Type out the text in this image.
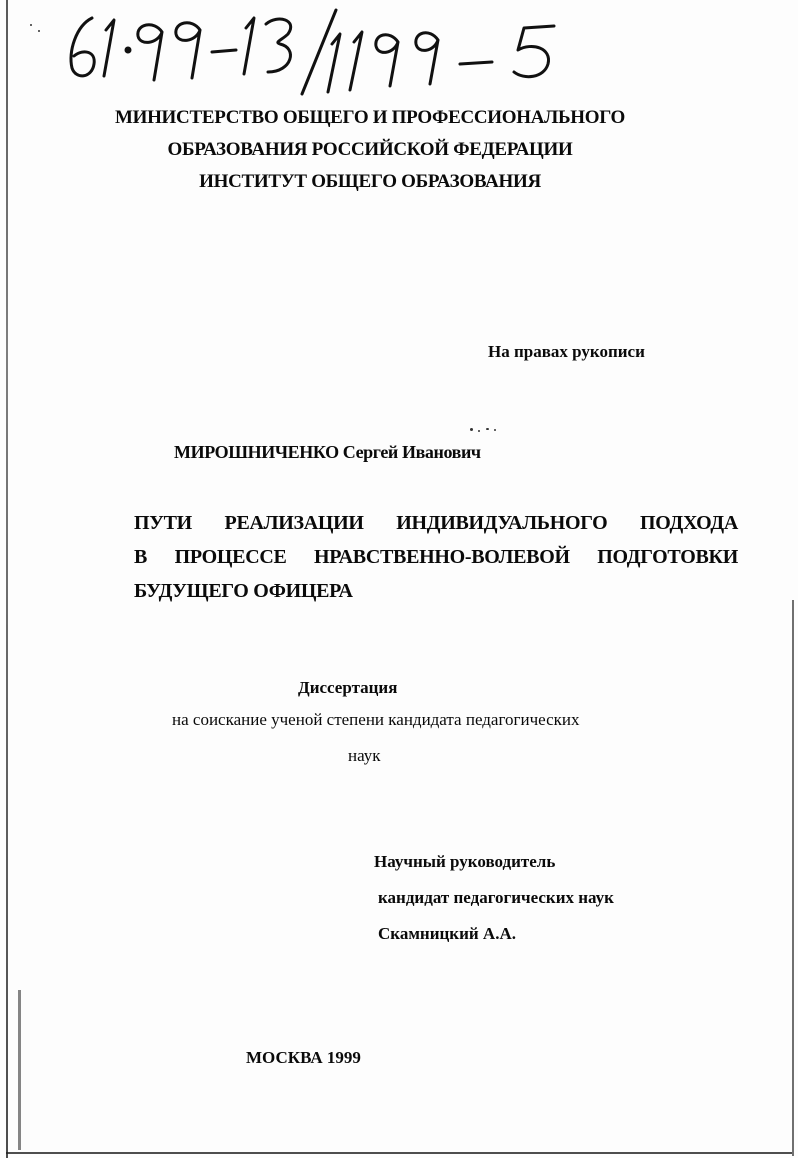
МИНИСТЕРСТВО ОБЩЕГО И ПРОФЕССИОНАЛЬНОГО
ОБРАЗОВАНИЯ РОССИЙСКОЙ ФЕДЕРАЦИИ
ИНСТИТУТ ОБЩЕГО ОБРАЗОВАНИЯ
На правах рукописи
МИРОШНИЧЕНКО Сергей Иванович
ПУТИ РЕАЛИЗАЦИИ ИНДИВИДУАЛЬНОГО ПОДХОДА
В ПРОЦЕССЕ НРАВСТВЕННО-ВОЛЕВОЙ ПОДГОТОВКИ
БУДУЩЕГО ОФИЦЕРА
Диссертация
на соискание ученой степени кандидата педагогических
наук
Научный руководитель
кандидат педагогических наук
Скамницкий А.А.
МОСКВА 1999
